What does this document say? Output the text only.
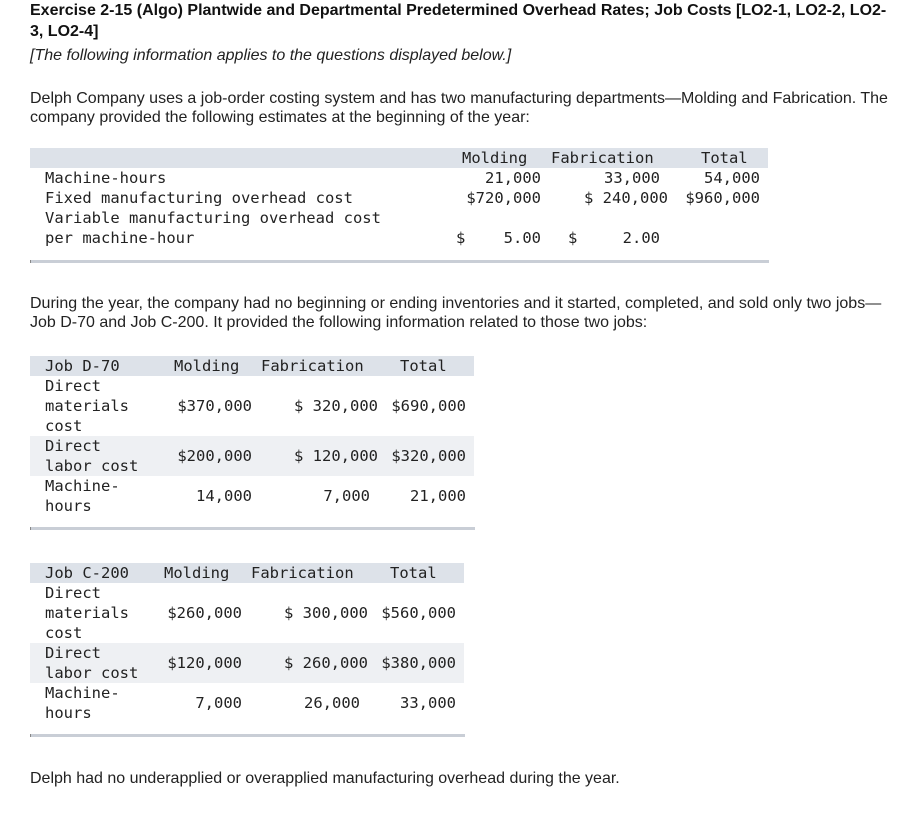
Exercise 2-15 (Algo) Plantwide and Departmental Predetermined Overhead Rates; Job Costs [LO2-1, LO2-2, LO2-3, LO2-4]
[The following information applies to the questions displayed below.]
Delph Company uses a job-order costing system and has two manufacturing departments—Molding and Fabrication. The company provided the following estimates at the beginning of the year:
Molding Fabrication	Total
Machine-hours	21,000	33,000	54,000
Fixed manufacturing overhead cost	$720,000	$ 240,000 $960,000
Variable manufacturing overhead cost
per machine-hour	$ 5.00 $	2.00
During the year, the company had no beginning or ending inventories and it started, completed, and sold only two jobs—Job D-70 and Job C-200. It provided the following information related to those two jobs:
Job D-70	Molding Fabrication Total
Direct
materials
cost
$370,000	$ 320,000 $690,000
Direct
labor cost
$200,000	$ 120,000 $320,000
Machine-
hours
14,000	7,000	21,000
Job C-200 Molding Fabrication Total
Direct
materials
cost
$260,000	$ 300,000 $560,000
Direct
labor cost
$120,000	$ 260,000 $380,000
Machine-
hours
7,000	26,000	33,000
Delph had no underapplied or overapplied manufacturing overhead during the year.
